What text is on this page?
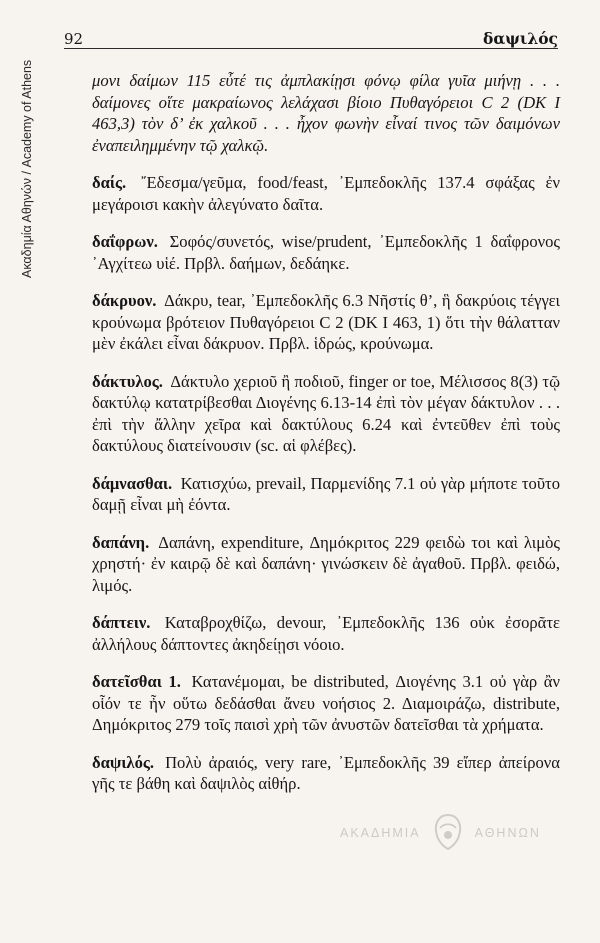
Ακαδημία Αθηνών / Academy of Athens
92	δαψιλός

μονι δαίμων 115 εὖτέ τις ἀμπλακίῃσι φόνῳ φίλα γυῖα μιήνῃ . . . δαίμονες οἵτε μακραίωνος λελάχασι βίοιο Πυθαγόρειοι C 2 (DK I 463,3) τὸν δ’ ἐκ χαλκοῦ . . . ἦχον φωνὴν εἶναί τινος τῶν δαιμόνων ἐναπειλημμένην τῷ χαλκῷ.

δαίς. ῎Εδεσμα/γεῦμα, food/feast, ᾿Εμπεδοκλῆς 137.4 σφάξας ἐν μεγάροισι κακὴν ἀλεγύνατο δαῖτα.

δαΐφρων. Σοφός/συνετός, wise/prudent, ᾿Εμπεδοκλῆς 1 δαΐφρονος ᾿Αγχίτεω υἱέ. Πρβλ. δαήμων, δεδάηκε.

δάκρυον. Δάκρυ, tear, ᾿Εμπεδοκλῆς 6.3 Νῆστίς θ’, ἣ δακρύοις τέγγει κρούνωμα βρότειον Πυθαγόρειοι C 2 (DK I 463, 1) ὅτι τὴν θάλατταν μὲν ἐκάλει εἶναι δάκρυον. Πρβλ. ἱδρώς, κρούνωμα.

δάκτυλος. Δάκτυλο χεριοῦ ἢ ποδιοῦ, finger or toe, Μέλισσος 8(3) τῷ δακτύλῳ κατατρίβεσθαι Διογένης 6.13-14 ἐπὶ τὸν μέγαν δάκτυλον . . . ἐπὶ τὴν ἄλλην χεῖρα καὶ δακτύλους 6.24 καὶ ἐντεῦθεν ἐπὶ τοὺς δακτύλους διατείνουσιν (sc. αἱ φλέβες).

δάμνασθαι. Κατισχύω, prevail, Παρμενίδης 7.1 οὐ γὰρ μήποτε τοῦτο δαμῇ εἶναι μὴ ἐόντα.

δαπάνη. Δαπάνη, expenditure, Δημόκριτος 229 φειδὼ τοι καὶ λιμὸς χρηστή· ἐν καιρῷ δὲ καὶ δαπάνη· γινώσκειν δὲ ἀγαθοῦ. Πρβλ. φειδώ, λιμός.

δάπτειν. Καταβροχθίζω, devour, ᾿Εμπεδοκλῆς 136 οὐκ ἐσορᾶτε ἀλλήλους δάπτοντες ἀκηδείῃσι νόοιο.

δατεῖσθαι 1. Κατανέμομαι, be distributed, Διογένης 3.1 οὐ γὰρ ἂν οἷόν τε ἦν οὕτω δεδάσθαι ἄνευ νοήσιος 2. Διαμοιράζω, distribute, Δημόκριτος 279 τοῖς παισὶ χρὴ τῶν ἀνυστῶν δατεῖσθαι τὰ χρήματα.

δαψιλός. Πολὺ ἀραιός, very rare, ᾿Εμπεδοκλῆς 39 εἴπερ ἀπείρονα γῆς τε βάθη καὶ δαψιλὸς αἰθήρ.

ΑΚΑΔΗΜΙΑ	ΑΘΗΝΩΝ
